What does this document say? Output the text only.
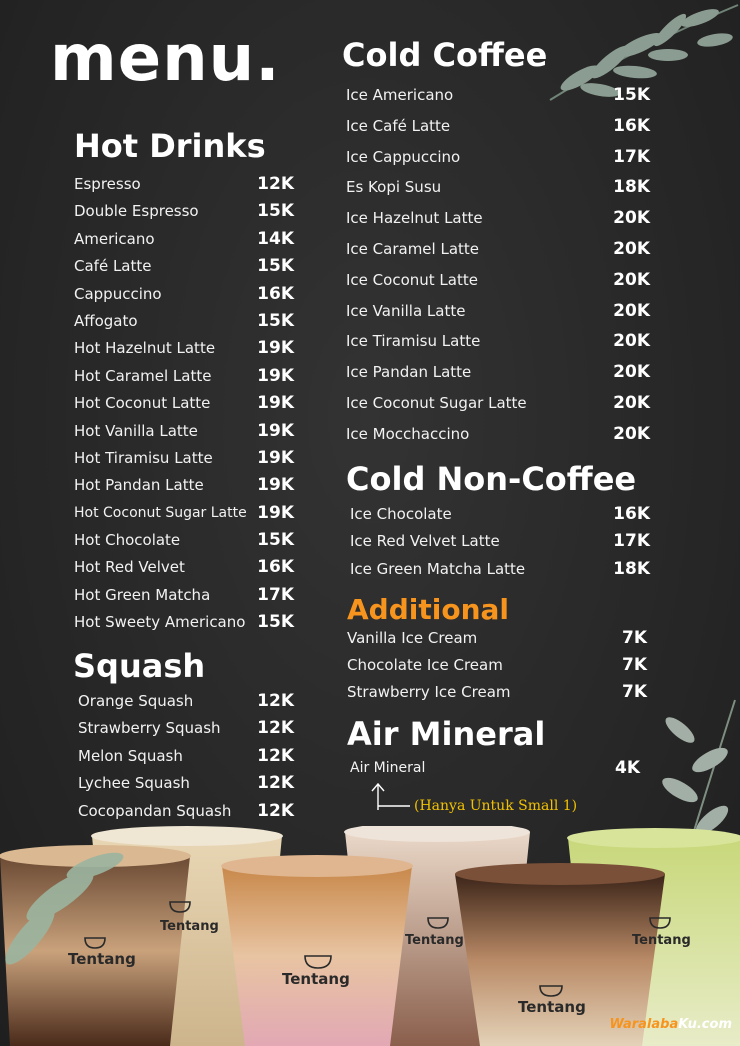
menu.
Hot Drinks
Espresso	12K
Double Espresso	15K
Americano	14K
Café Latte	15K
Cappuccino	16K
Affogato	15K
Hot Hazelnut Latte 19K
Hot Caramel Latte	19K
Hot Coconut Latte	19K
Hot Vanilla Latte	19K
Hot Tiramisu Latte	19K
Hot Pandan Latte	19K
Hot Coconut Sugar Latte 19K
Hot Chocolate	15K
Hot Red Velvet	16K
Hot Green Matcha	17K
Hot Sweety Americano 15K
Squash
Orange Squash	12K
Strawberry Squash 12K
Melon Squash	12K
Lychee Squash	12K
Cocopandan Squash 12K
Cold Coffee
Ice Americano	15K
Ice Café Latte	16K
Ice Cappuccino	17K
Es Kopi Susu	18K
Ice Hazelnut Latte	20K
Ice Caramel Latte	20K
Ice Coconut Latte	20K
Ice Vanilla Latte	20K
Ice Tiramisu Latte	20K
Ice Pandan Latte	20K
Ice Coconut Sugar Latte	20K
Ice Mocchaccino	20K
Cold Non-Coffee
Ice Chocolate	16K
Ice Red Velvet Latte	17K
Ice Green Matcha Latte	18K
Additional
Vanilla Ice Cream	7K
Chocolate Ice Cream	7K
Strawberry Ice Cream	7K
Air Mineral
Air Mineral	4K
(Hanya Untuk Small 1)
Tentang
Tentang
Tentang
Tentang
Tentang	Tentang
WaralabaKu.com
